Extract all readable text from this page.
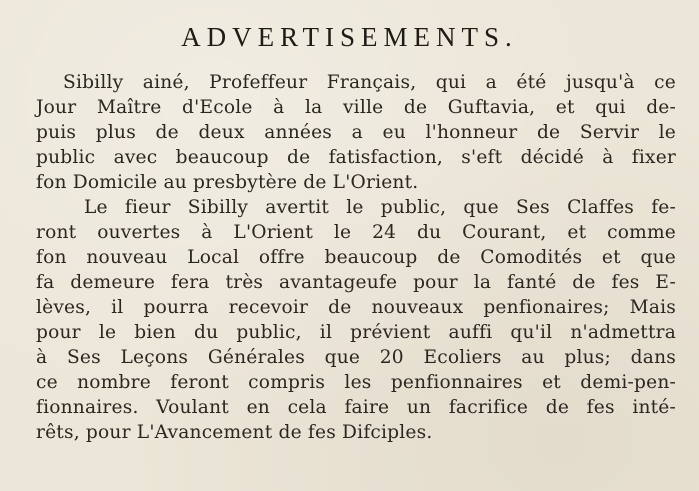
ADVERTISEMENTS.
Sibilly ainé, Profeffeur Français, qui a été jusqu'à ce
Jour Maître d'Ecole à la ville de Guftavia, et qui de-
puis plus de deux années a eu l'honneur de Servir le
public avec beaucoup de fatisfaction, s'eft décidé à fixer
fon Domicile au presbytère de L'Orient.
Le fieur Sibilly avertit le public, que Ses Claffes fe-
ront ouvertes à L'Orient le 24 du Courant, et comme
fon nouveau Local offre beaucoup de Comodités et que
fa demeure fera très avantageufe pour la fanté de fes E-
lèves, il pourra recevoir de nouveaux penfionaires; Mais
pour le bien du public, il prévient auffi qu'il n'admettra
à Ses Leçons Générales que 20 Ecoliers au plus; dans
ce nombre feront compris les penfionnaires et demi-pen-
fionnaires. Voulant en cela faire un facrifice de fes inté-
rêts, pour L'Avancement de fes Difciples.
